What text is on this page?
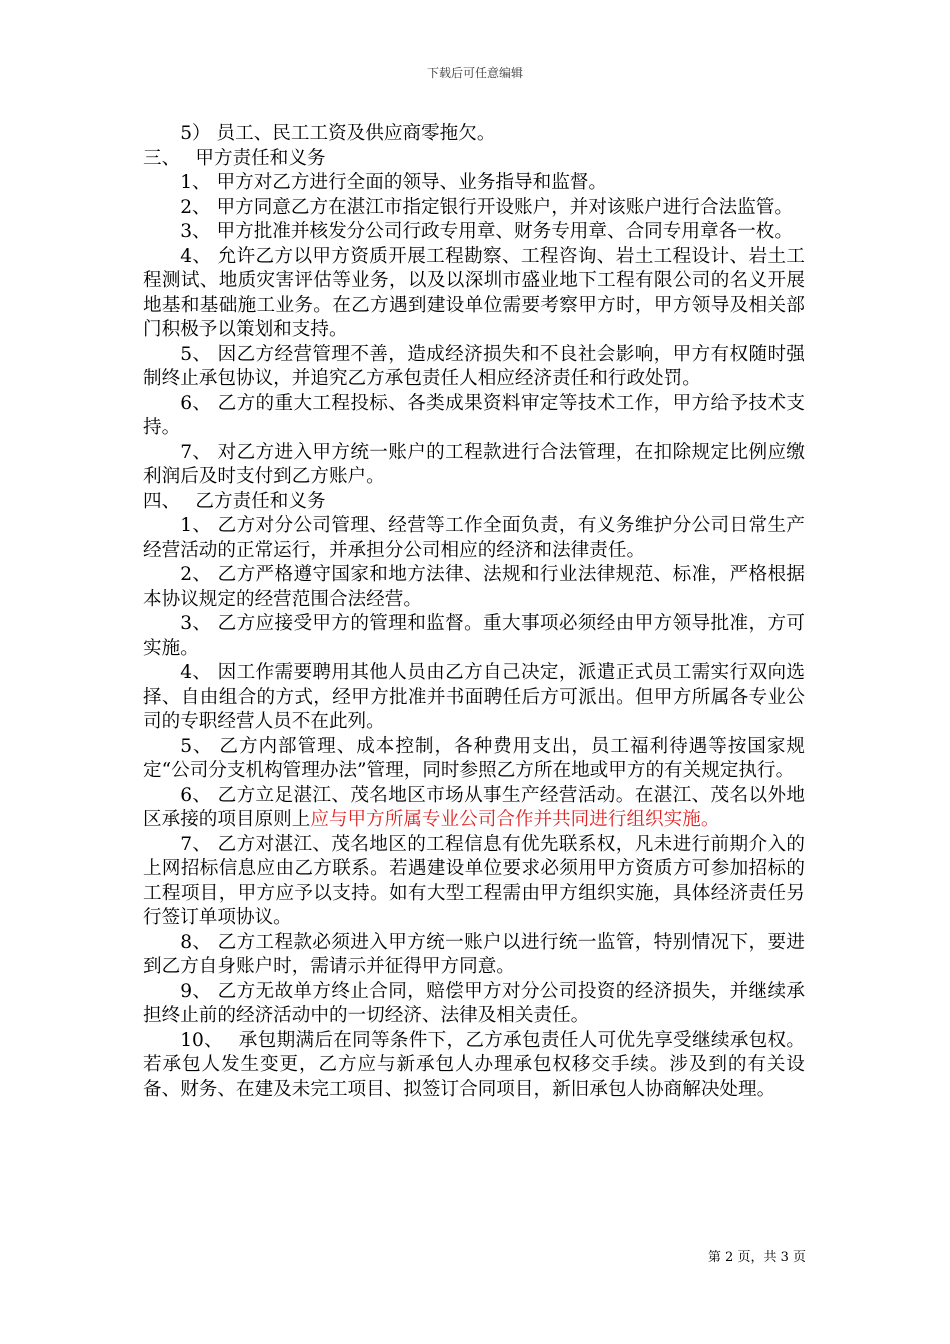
下载后可任意编辑

5） 员工、民工工资及供应商零拖欠。

三、　 甲方责任和义务

1、 甲方对乙方进行全面的领导、业务指导和监督。

2、 甲方同意乙方在湛江市指定银行开设账户，并对该账户进行合法监管。

3、 甲方批准并核发分公司行政专用章、财务专用章、合同专用章各一枚。

4、 允许乙方以甲方资质开展工程勘察、工程咨询、岩土工程设计、岩土工程测试、地质灾害评估等业务，以及以深圳市盛业地下工程有限公司的名义开展地基和基础施工业务。在乙方遇到建设单位需要考察甲方时，甲方领导及相关部门积极予以策划和支持。

5、 因乙方经营管理不善，造成经济损失和不良社会影响，甲方有权随时强制终止承包协议，并追究乙方承包责任人相应经济责任和行政处罚。

6、 乙方的重大工程投标、各类成果资料审定等技术工作，甲方给予技术支持。

7、 对乙方进入甲方统一账户的工程款进行合法管理，在扣除规定比例应缴利润后及时支付到乙方账户。

四、　 乙方责任和义务

1、 乙方对分公司管理、经营等工作全面负责，有义务维护分公司日常生产经营活动的正常运行，并承担分公司相应的经济和法律责任。

2、 乙方严格遵守国家和地方法律、法规和行业法律规范、标准，严格根据本协议规定的经营范围合法经营。

3、 乙方应接受甲方的管理和监督。重大事项必须经由甲方领导批准，方可实施。

4、 因工作需要聘用其他人员由乙方自己决定，派遣正式员工需实行双向选择、自由组合的方式，经甲方批准并书面聘任后方可派出。但甲方所属各专业公司的专职经营人员不在此列。

5、 乙方内部管理、成本控制，各种费用支出，员工福利待遇等按国家规定“公司分支机构管理办法”管理，同时参照乙方所在地或甲方的有关规定执行。

6、 乙方立足湛江、茂名地区市场从事生产经营活动。在湛江、茂名以外地区承接的项目原则上应与甲方所属专业公司合作并共同进行组织实施。

7、 乙方对湛江、茂名地区的工程信息有优先联系权，凡未进行前期介入的上网招标信息应由乙方联系。若遇建设单位要求必须用甲方资质方可参加招标的工程项目，甲方应予以支持。如有大型工程需由甲方组织实施，具体经济责任另行签订单项协议。

8、 乙方工程款必须进入甲方统一账户以进行统一监管，特别情况下，要进到乙方自身账户时，需请示并征得甲方同意。

9、 乙方无故单方终止合同，赔偿甲方对分公司投资的经济损失，并继续承担终止前的经济活动中的一切经济、法律及相关责任。

10、　 承包期满后在同等条件下，乙方承包责任人可优先享受继续承包权。若承包人发生变更，乙方应与新承包人办理承包权移交手续。涉及到的有关设备、财务、在建及未完工项目、拟签订合同项目，新旧承包人协商解决处理。

第 2 页，共 3 页
